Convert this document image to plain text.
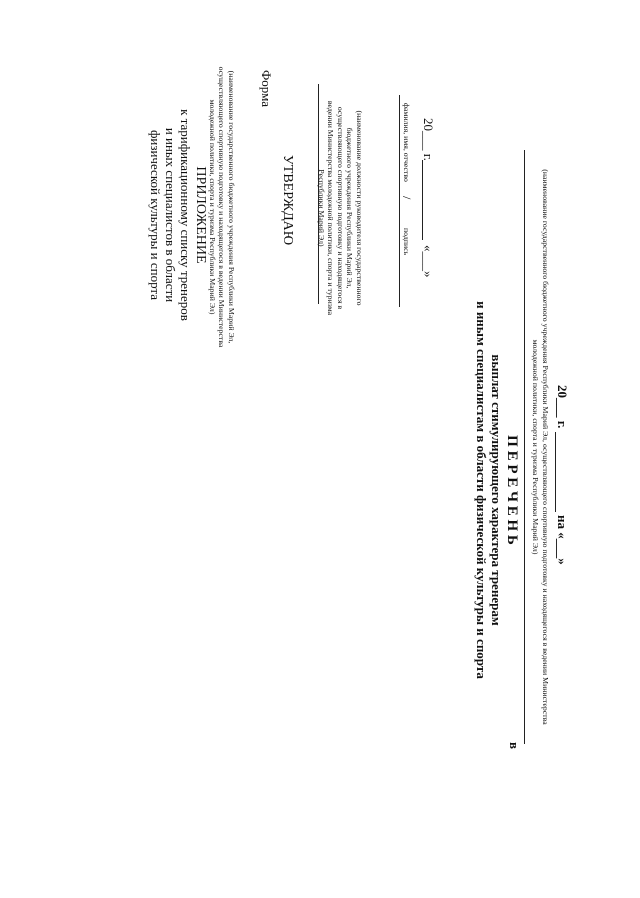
ПРИЛОЖЕНИЕ
к тарификационному списку тренеров
и иных специалистов в области
физической культуры и спорта	(наименование государственного бюджетного учреждения Республики Марий Эл, осуществляющего спортивную подготовку и находящегося в ведении Министерства молодежной политики, спорта и туризма Республики Марий Эл)
Форма
УТВЕРЖДАЮ	(наименование должности руководителя государственного бюджетного учреждения Республики Марий Эл, осуществляющего спортивную подготовку и находящегося в ведении Министерства молодежной политики, спорта и туризма Республики Марий Эл)	/
подпись
фамилия, имя, отчество
«___»
20___ г.
П Е Р Е Ч Е Н Ь
выплат стимулирующего характера тренерам
и иным специалистам в области физической культуры и спорта
в
(наименование государственного бюджетного учреждения Республики Марий Эл, осуществляющего спортивную подготовку и находящегося в ведении Министерства молодежной политики, спорта и туризма Республики Марий Эл)	на «___»
20___ г.
